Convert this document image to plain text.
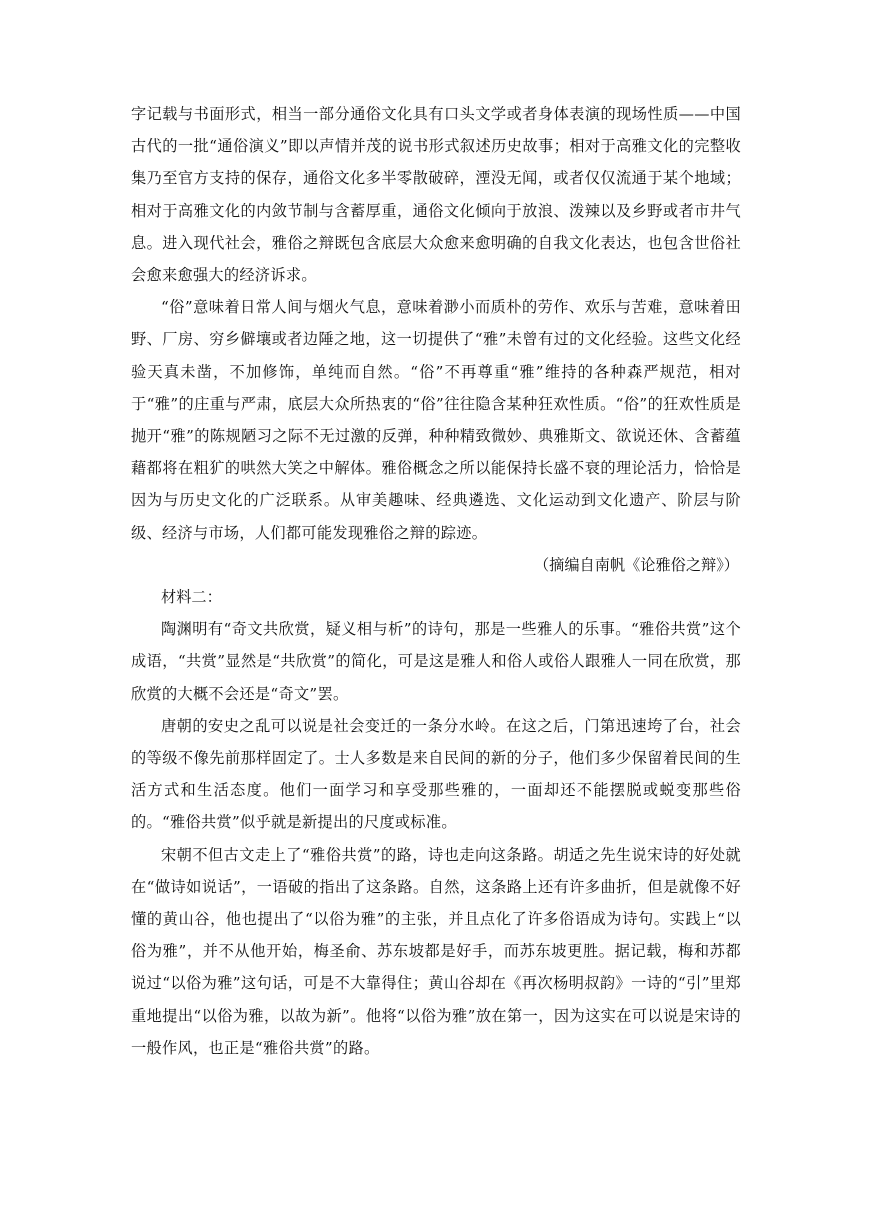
字记载与书面形式，相当一部分通俗文化具有口头文学或者身体表演的现场性质——中国古代的一批“通俗演义”即以声情并茂的说书形式叙述历史故事；相对于高雅文化的完整收集乃至官方支持的保存，通俗文化多半零散破碎，湮没无闻，或者仅仅流通于某个地域；相对于高雅文化的内敛节制与含蓄厚重，通俗文化倾向于放浪、泼辣以及乡野或者市井气息。进入现代社会，雅俗之辩既包含底层大众愈来愈明确的自我文化表达，也包含世俗社会愈来愈强大的经济诉求。

“俗”意味着日常人间与烟火气息，意味着渺小而质朴的劳作、欢乐与苦难，意味着田野、厂房、穷乡僻壤或者边陲之地，这一切提供了“雅”未曾有过的文化经验。这些文化经验天真未凿，不加修饰，单纯而自然。“俗”不再尊重“雅”维持的各种森严规范，相对于“雅”的庄重与严肃，底层大众所热衷的“俗”往往隐含某种狂欢性质。“俗”的狂欢性质是抛开“雅”的陈规陋习之际不无过激的反弹，种种精致微妙、典雅斯文、欲说还休、含蓄蕴藉都将在粗犷的哄然大笑之中解体。雅俗概念之所以能保持长盛不衰的理论活力，恰恰是因为与历史文化的广泛联系。从审美趣味、经典遴选、文化运动到文化遗产、阶层与阶级、经济与市场，人们都可能发现雅俗之辩的踪迹。

（摘编自南帆《论雅俗之辩》）

材料二：

陶渊明有“奇文共欣赏，疑义相与析”的诗句，那是一些雅人的乐事。“雅俗共赏”这个成语，“共赏”显然是“共欣赏”的简化，可是这是雅人和俗人或俗人跟雅人一同在欣赏，那欣赏的大概不会还是“奇文”罢。

唐朝的安史之乱可以说是社会变迁的一条分水岭。在这之后，门第迅速垮了台，社会的等级不像先前那样固定了。士人多数是来自民间的新的分子，他们多少保留着民间的生活方式和生活态度。他们一面学习和享受那些雅的，一面却还不能摆脱或蜕变那些俗的。“雅俗共赏”似乎就是新提出的尺度或标准。

宋朝不但古文走上了“雅俗共赏”的路，诗也走向这条路。胡适之先生说宋诗的好处就在“做诗如说话”，一语破的指出了这条路。自然，这条路上还有许多曲折，但是就像不好懂的黄山谷，他也提出了“以俗为雅”的主张，并且点化了许多俗语成为诗句。实践上“以俗为雅”，并不从他开始，梅圣俞、苏东坡都是好手，而苏东坡更胜。据记载，梅和苏都说过“以俗为雅”这句话，可是不大靠得住；黄山谷却在《再次杨明叔韵》一诗的“引”里郑重地提出“以俗为雅，以故为新”。他将“以俗为雅”放在第一，因为这实在可以说是宋诗的一般作风，也正是“雅俗共赏”的路。
